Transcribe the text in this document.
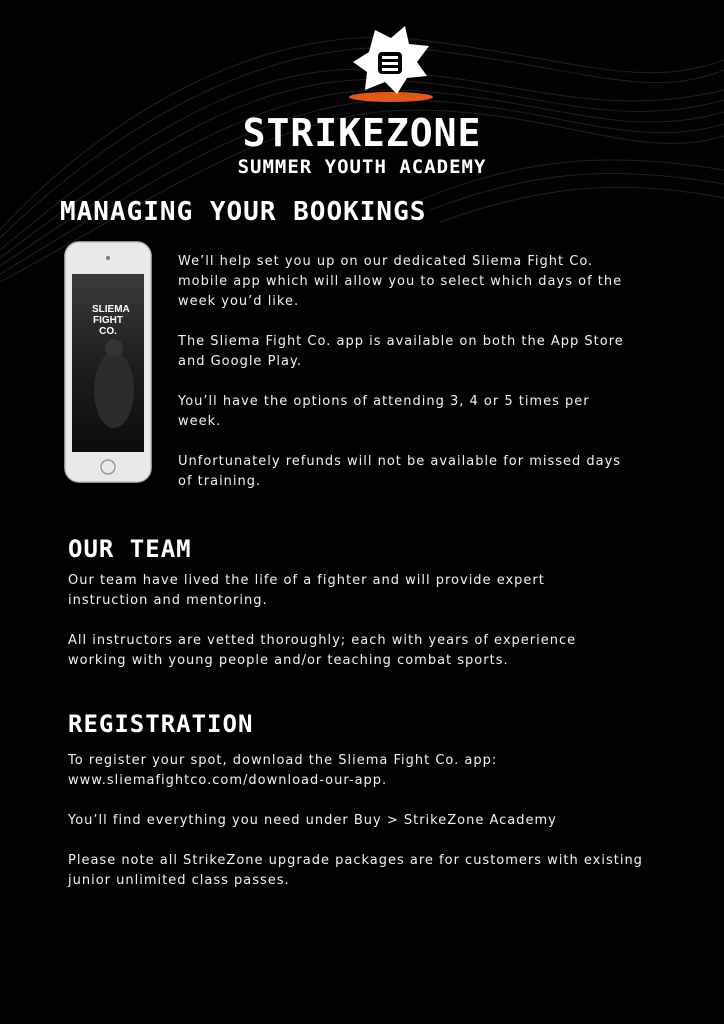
STRIKEZONE
SUMMER YOUTH ACADEMY
MANAGING YOUR BOOKINGS
SLIEMA
FIGHT CO.

We’ll help set you up on our dedicated Sliema Fight Co.
mobile app which will allow you to select which days of the
week you’d like.

The Sliema Fight Co. app is available on both the App Store
and Google Play.

You’ll have the options of attending 3, 4 or 5 times per
week.

Unfortunately refunds will not be available for missed days
of training.

OUR TEAM

Our team have lived the life of a fighter and will provide expert
instruction and mentoring.

All instructors are vetted thoroughly; each with years of experience
working with young people and/or teaching combat sports.

REGISTRATION

To register your spot, download the Sliema Fight Co. app:
www.sliemafightco.com/download-our-app.

You’ll find everything you need under Buy > StrikeZone Academy

Please note all StrikeZone upgrade packages are for customers with existing
junior unlimited class passes.
